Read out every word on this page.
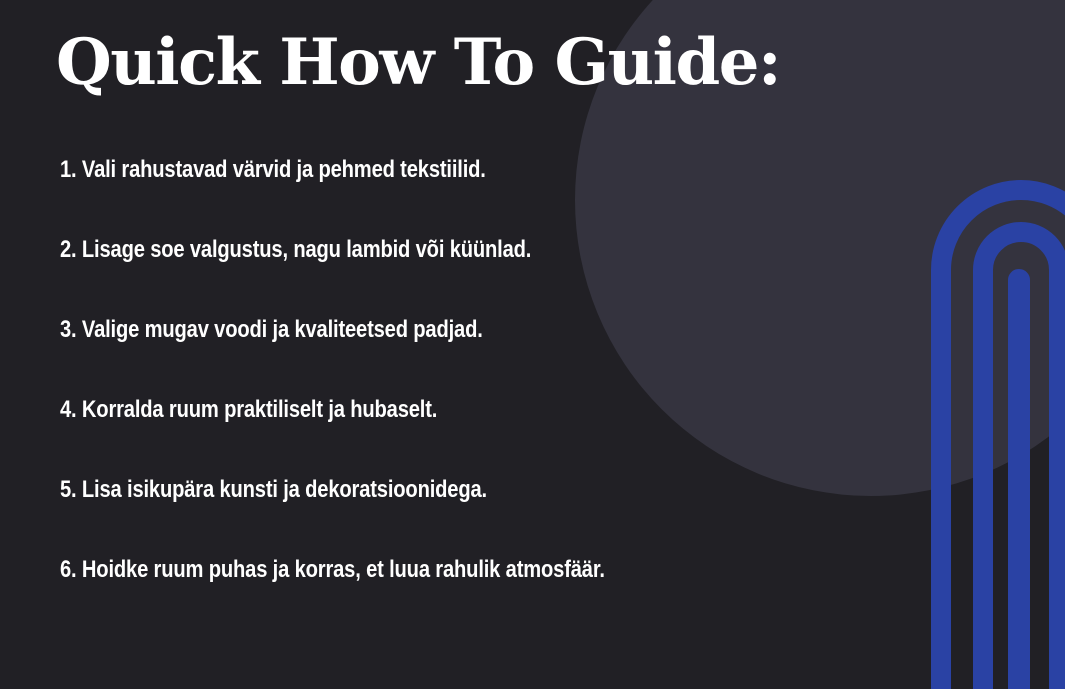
Quick How To Guide:
1. Vali rahustavad värvid ja pehmed tekstiilid.
2. Lisage soe valgustus, nagu lambid või küünlad.
3. Valige mugav voodi ja kvaliteetsed padjad.
4. Korralda ruum praktiliselt ja hubaselt.
5. Lisa isikupära kunsti ja dekoratsioonidega.
6. Hoidke ruum puhas ja korras, et luua rahulik atmosfäär.
